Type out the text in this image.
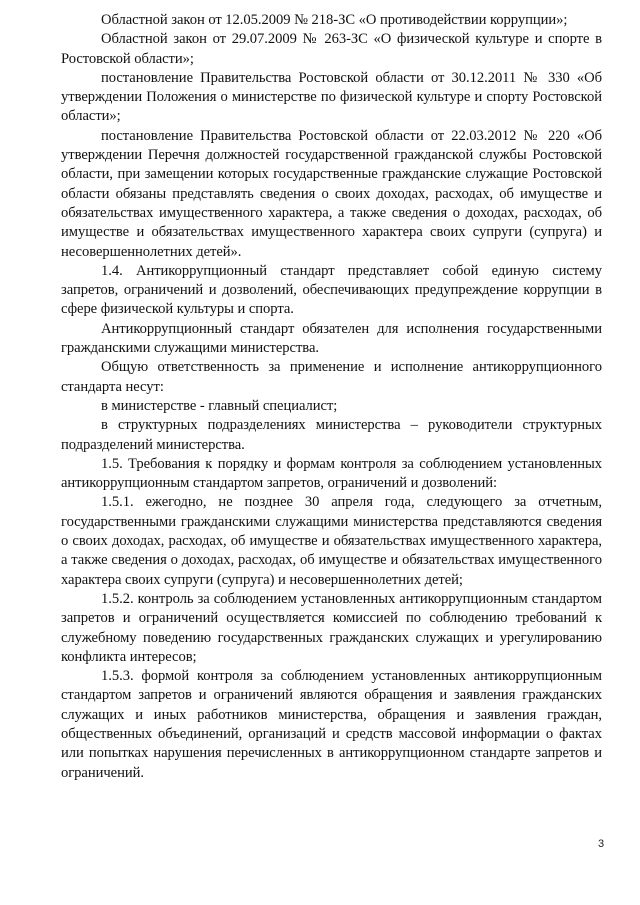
Областной закон от 12.05.2009 № 218-ЗС «О противодействии коррупции»;

Областной закон от 29.07.2009 № 263-ЗС «О физической культуре и спорте в Ростовской области»;

постановление Правительства Ростовской области от 30.12.2011 № 330 «Об утверждении Положения о министерстве по физической культуре и спорту Ростовской области»;

постановление Правительства Ростовской области от 22.03.2012 № 220 «Об утверждении Перечня должностей государственной гражданской службы Ростовской области, при замещении которых государственные гражданские служащие Ростовской области обязаны представлять сведения о своих доходах, расходах, об имуществе и обязательствах имущественного характера, а также сведения о доходах, расходах, об имуществе и обязательствах имущественного характера своих супруги (супруга) и несовершеннолетних детей».

1.4. Антикоррупционный стандарт представляет собой единую систему запретов, ограничений и дозволений, обеспечивающих предупреждение коррупции в сфере физической культуры и спорта.

Антикоррупционный стандарт обязателен для исполнения государственными гражданскими служащими министерства.

Общую ответственность за применение и исполнение антикоррупционного стандарта несут:

в министерстве - главный специалист;

в структурных подразделениях министерства – руководители структурных подразделений министерства.

1.5. Требования к порядку и формам контроля за соблюдением установленных антикоррупционным стандартом запретов, ограничений и дозволений:

1.5.1. ежегодно, не позднее 30 апреля года, следующего за отчетным, государственными гражданскими служащими министерства представляются сведения о своих доходах, расходах, об имуществе и обязательствах имущественного характера, а также сведения о доходах, расходах, об имуществе и обязательствах имущественного характера своих супруги (супруга) и несовершеннолетних детей;

1.5.2. контроль за соблюдением установленных антикоррупционным стандартом запретов и ограничений осуществляется комиссией по соблюдению требований к служебному поведению государственных гражданских служащих и урегулированию конфликта интересов;

1.5.3. формой контроля за соблюдением установленных антикоррупционным стандартом запретов и ограничений являются обращения и заявления гражданских служащих и иных работников министерства, обращения и заявления граждан, общественных объединений, организаций и средств массовой информации о фактах или попытках нарушения перечисленных в антикоррупционном стандарте запретов и ограничений.

3
